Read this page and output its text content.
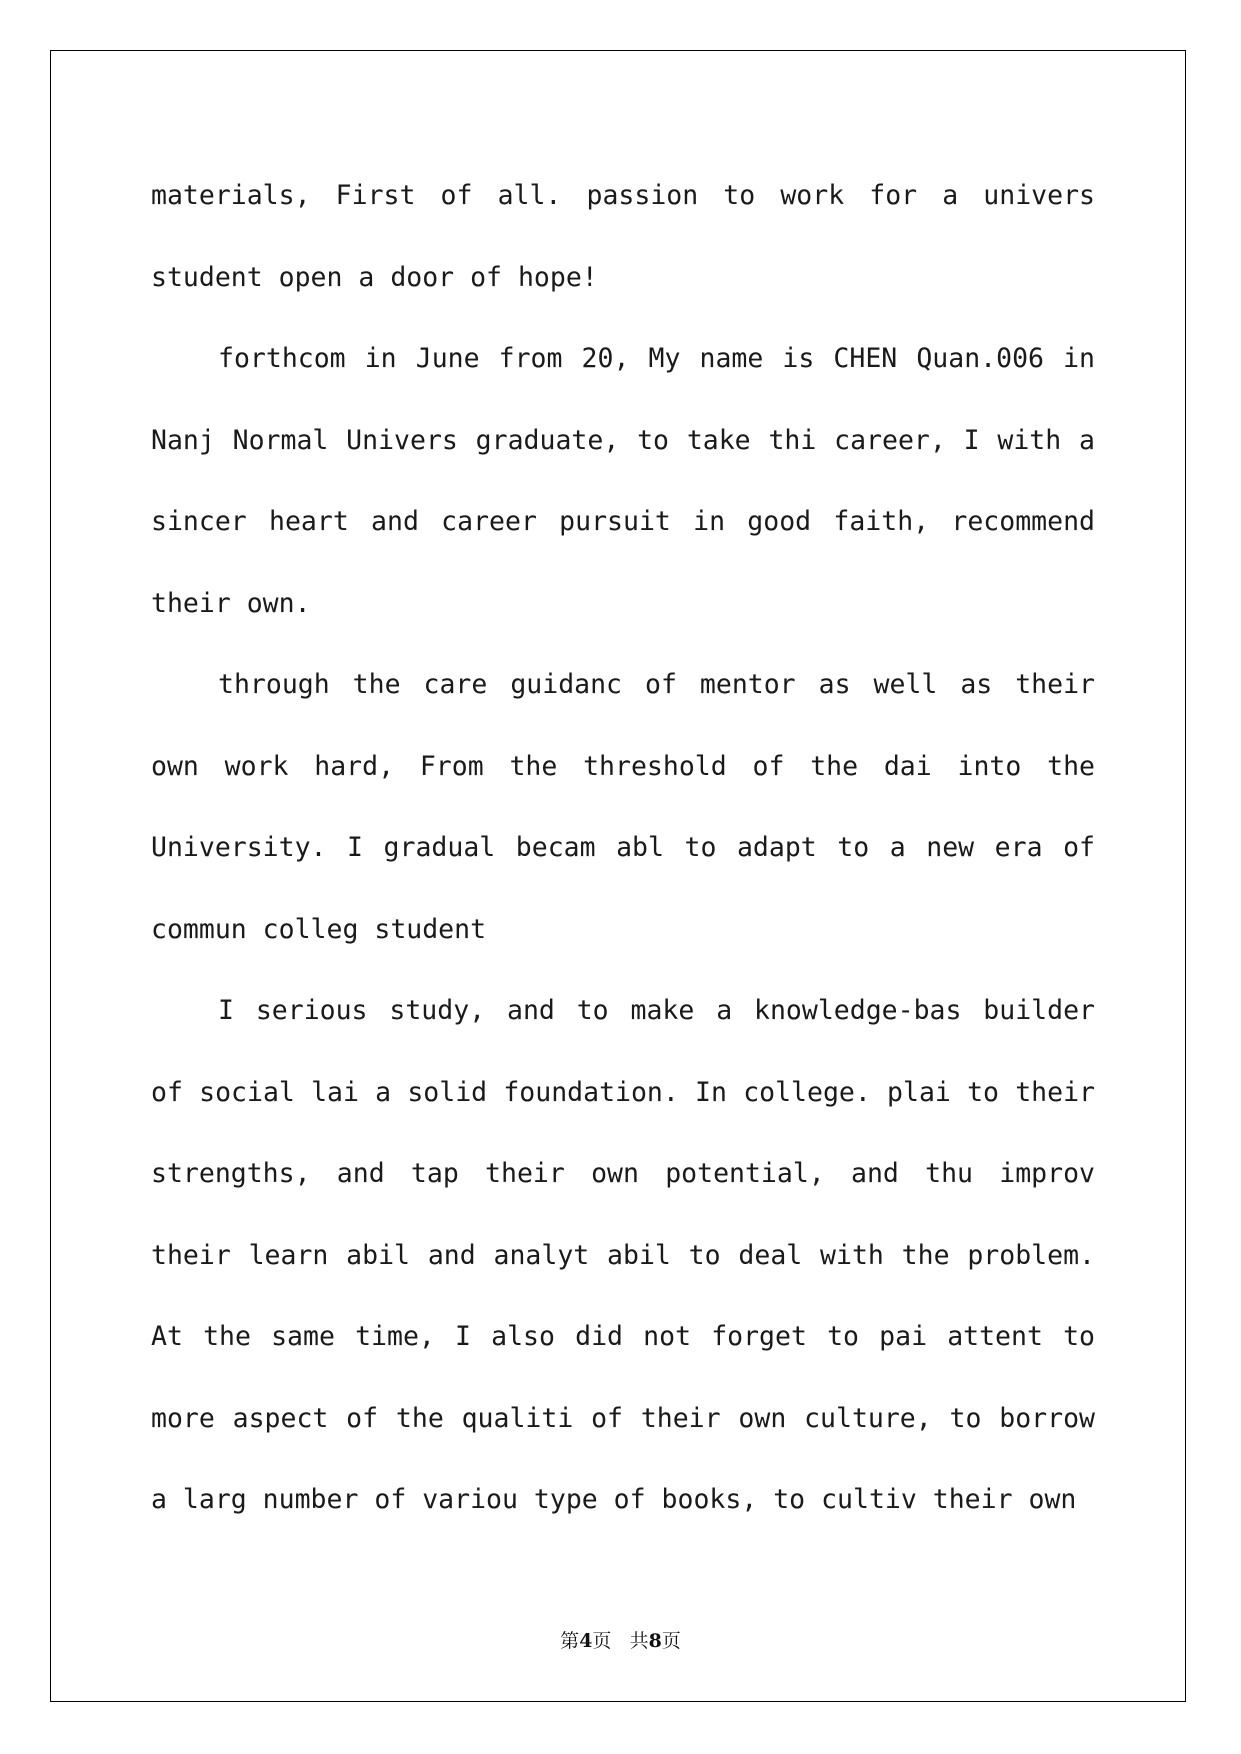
materials, First of all. passion to work for a univers student open a door of hope!

forthcom in June from 20, My name is CHEN Quan.006 in Nanj Normal Univers graduate, to take thi career, I with a sincer heart and career pursuit in good faith, recommend their own.

through the care guidanc of mentor as well as their own work hard, From the threshold of the dai into the University. I gradual becam abl to adapt to a new era of commun colleg student

I serious study, and to make a knowledge-bas builder of social lai a solid foundation. In college. plai to their strengths, and tap their own potential, and thu improv their learn abil and analyt abil to deal with the problem. At the same time, I also did not forget to pai attent to more aspect of the qualiti of their own culture, to borrow a larg number of variou type of books, to cultiv their own

第4页 共8页
